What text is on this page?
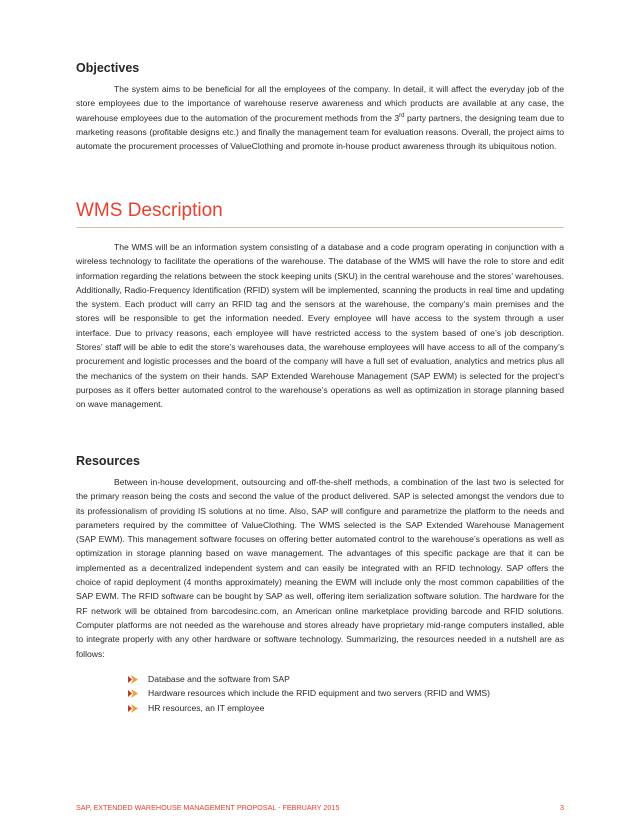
Objectives

The system aims to be beneficial for all the employees of the company. In detail, it will affect the everyday job of the store employees due to the importance of warehouse reserve awareness and which products are available at any case, the warehouse employees due to the automation of the procurement methods from the 3rd party partners, the designing team due to marketing reasons (profitable designs etc.) and finally the management team for evaluation reasons. Overall, the project aims to automate the procurement processes of ValueClothing and promote in-house product awareness through its ubiquitous notion.

WMS Description

The WMS will be an information system consisting of a database and a code program operating in conjunction with a wireless technology to facilitate the operations of the warehouse. The database of the WMS will have the role to store and edit information regarding the relations between the stock keeping units (SKU) in the central warehouse and the stores’ warehouses. Additionally, Radio-Frequency Identification (RFID) system will be implemented, scanning the products in real time and updating the system. Each product will carry an RFID tag and the sensors at the warehouse, the company’s main premises and the stores will be responsible to get the information needed. Every employee will have access to the system through a user interface. Due to privacy reasons, each employee will have restricted access to the system based of one’s job description. Stores’ staff will be able to edit the store’s warehouses data, the warehouse employees will have access to all of the company’s procurement and logistic processes and the board of the company will have a full set of evaluation, analytics and metrics plus all the mechanics of the system on their hands. SAP Extended Warehouse Management (SAP EWM) is selected for the project’s purposes as it offers better automated control to the warehouse’s operations as well as optimization in storage planning based on wave management.

Resources

Between in-house development, outsourcing and off-the-shelf methods, a combination of the last two is selected for the primary reason being the costs and second the value of the product delivered. SAP is selected amongst the vendors due to its professionalism of providing IS solutions at no time. Also, SAP will configure and parametrize the platform to the needs and parameters required by the committee of ValueClothing. The WMS selected is the SAP Extended Warehouse Management (SAP EWM). This management software focuses on offering better automated control to the warehouse’s operations as well as optimization in storage planning based on wave management. The advantages of this specific package are that it can be implemented as a decentralized independent system and can easily be integrated with an RFID technology. SAP offers the choice of rapid deployment (4 months approximately) meaning the EWM will include only the most common capabilities of the SAP EWM. The RFID software can be bought by SAP as well, offering item serialization software solution. The hardware for the RF network will be obtained from barcodesinc.com, an American online marketplace providing barcode and RFID solutions. Computer platforms are not needed as the warehouse and stores already have proprietary mid-range computers installed, able to integrate properly with any other hardware or software technology. Summarizing, the resources needed in a nutshell are as follows:

Database and the software from SAP
Hardware resources which include the RFID equipment and two servers (RFID and WMS)
HR resources, an IT employee
SAP, EXTENDED WAREHOUSE MANAGEMENT PROPOSAL - FEBRUARY 2015	3
